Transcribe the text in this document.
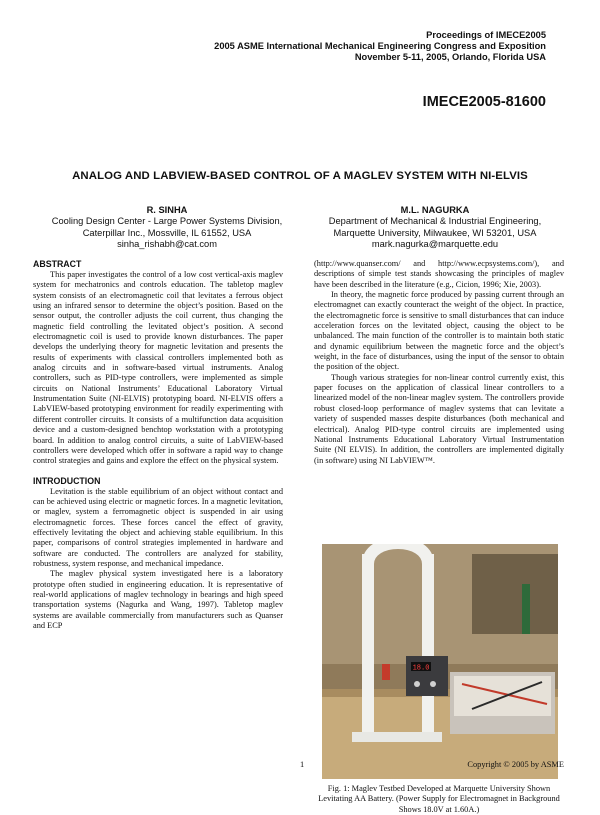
Proceedings of IMECE2005
2005 ASME International Mechanical Engineering Congress and Exposition
November 5-11, 2005, Orlando, Florida USA
IMECE2005-81600
ANALOG AND LABVIEW-BASED CONTROL OF A MAGLEV SYSTEM WITH NI-ELVIS
R. SINHA
Cooling Design Center - Large Power Systems Division,
Caterpillar Inc., Mossville, IL 61552, USA
sinha_rishabh@cat.com
M.L. NAGURKA
Department of Mechanical & Industrial Engineering,
Marquette University, Milwaukee, WI 53201, USA
mark.nagurka@marquette.edu
ABSTRACT

This paper investigates the control of a low cost vertical-axis maglev system for mechatronics and controls education. The tabletop maglev system consists of an electromagnetic coil that levitates a ferrous object using an infrared sensor to determine the object’s position. Based on the sensor output, the controller adjusts the coil current, thus changing the magnetic field controlling the levitated object’s position. A second electromagnetic coil is used to provide known disturbances. The paper develops the underlying theory for magnetic levitation and presents the results of experiments with classical controllers implemented both as analog circuits and in software-based virtual instruments. Analog controllers, such as PID-type controllers, were implemented as simple circuits on National Instruments’ Educational Laboratory Virtual Instrumentation Suite (NI-ELVIS) prototyping board. NI-ELVIS offers a LabVIEW-based prototyping environment for readily experimenting with different controller circuits. It consists of a multifunction data acquisition device and a custom-designed benchtop workstation with a prototyping board. In addition to analog control circuits, a suite of LabVIEW-based controllers were developed which offer in software a rapid way to change control strategies and gains and explore the effect on the physical system.

INTRODUCTION

Levitation is the stable equilibrium of an object without contact and can be achieved using electric or magnetic forces. In a magnetic levitation, or maglev, system a ferromagnetic object is suspended in air using electromagnetic forces. These forces cancel the effect of gravity, effectively levitating the object and achieving stable equilibrium. In this paper, comparisons of control strategies implemented in hardware and software are conducted. The controllers are analyzed for stability, robustness, system response, and mechanical impedance.

The maglev physical system investigated here is a laboratory prototype often studied in engineering education. It is representative of real-world applications of maglev technology in bearings and high speed transportation systems (Nagurka and Wang, 1997). Tabletop maglev systems are available commercially from manufacturers such as Quanser and ECP

(http://www.quanser.com/ and http://www.ecpsystems.com/), and descriptions of simple test stands showcasing the principles of maglev have been described in the literature (e.g., Cicion, 1996; Xie, 2003).

In theory, the magnetic force produced by passing current through an electromagnet can exactly counteract the weight of the object. In practice, the electromagnetic force is sensitive to small disturbances that can induce acceleration forces on the levitated object, causing the object to be unbalanced. The main function of the controller is to maintain both static and dynamic equilibrium between the magnetic force and the object’s weight, in the face of disturbances, using the input of the sensor to obtain the position of the object.

Though various strategies for non-linear control currently exist, this paper focuses on the application of classical linear controllers to a linearized model of the non-linear maglev system. The controllers provide robust closed-loop performance of maglev systems that can levitate a variety of suspended masses despite disturbances (both mechanical and electrical). Analog PID-type control circuits are implemented using National Instruments Educational Laboratory Virtual Instrumentation Suite (NI ELVIS). In addition, the controllers are implemented digitally (in software) using NI LabVIEW™.

18.0
Fig. 1: Maglev Testbed Developed at Marquette University Shown Levitating AA Battery. (Power Supply for Electromagnet in Background Shows 18.0V at 1.60A.)
1	Copyright © 2005 by ASME
